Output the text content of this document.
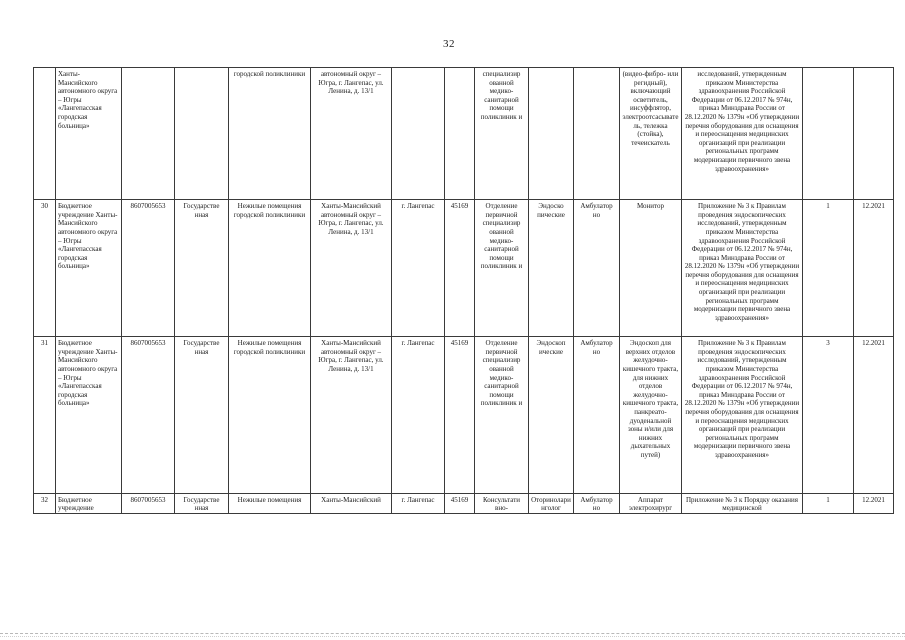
32
	Ханты-Мансийского автономного округа – Югры «Лангепасская городская больница»			городской поликлиники	автономный округ – Югра, г. Лангепас, ул. Ленина, д. 13/1			специализир ованной медико-санитарной помощи поликлиник и			(видео-фибро- или регидный), включающий осветитель, инсуффлятор, электроотсасыватель, тележка (стойка), течеискатель	исследований, утвержденным приказом Министерства здравоохранения Российской Федерации от 06.12.2017 № 974н, приказ Минздрава России от 28.12.2020 № 1379н «Об утверждении перечня оборудования для оснащения и переоснащения медицинских организаций при реализации региональных программ модернизации первичного звена здравоохранения»		
30	Бюджетное учреждение Ханты-Мансийского автономного округа – Югры «Лангепасская городская больница»	8607005653	Государстве нная	Нежилые помещения городской поликлиники	Ханты-Мансийский автономный округ – Югра, г. Лангепас, ул. Ленина, д. 13/1	г. Лангепас	45169	Отделение первичной специализир ованной медико-санитарной помощи поликлиник и	Эндоско пические	Амбулатор но	Монитор	Приложение № 3 к Правилам проведения эндоскопических исследований, утвержденным приказом Министерства здравоохранения Российской Федерации от 06.12.2017 № 974н, приказ Минздрава России от 28.12.2020 № 1379н «Об утверждении перечня оборудования для оснащения и переоснащения медицинских организаций при реализации региональных программ модернизации первичного звена здравоохранения»	1	12.2021
31	Бюджетное учреждение Ханты-Мансийского автономного округа – Югры «Лангепасская городская больница»	8607005653	Государстве нная	Нежилые помещения городской поликлиники	Ханты-Мансийский автономный округ – Югра, г. Лангепас, ул. Ленина, д. 13/1	г. Лангепас	45169	Отделение первичной специализир ованной медико-санитарной помощи поликлиник и	Эндоскоп ические	Амбулатор но	Эндоскоп для верхних отделов желудочно-кишечного тракта, для нижних отделов желудочно-кишечного тракта, панкреато-дуоденальной зоны и/или для нижних дыхательных путей)	Приложение № 3 к Правилам проведения эндоскопических исследований, утвержденным приказом Министерства здравоохранения Российской Федерации от 06.12.2017 № 974н, приказ Минздрава России от 28.12.2020 № 1379н «Об утверждении перечня оборудования для оснащения и переоснащения медицинских организаций при реализации региональных программ модернизации первичного звена здравоохранения»	3	12.2021
32	Бюджетное учреждение	8607005653	Государстве нная	Нежилые помещения	Ханты-Мансийский	г. Лангепас	45169	Консультати вно-	Оториноларинголог	Амбулатор но	Аппарат электрохирург	Приложение № 3 к Порядку оказания медицинской	1	12.2021
